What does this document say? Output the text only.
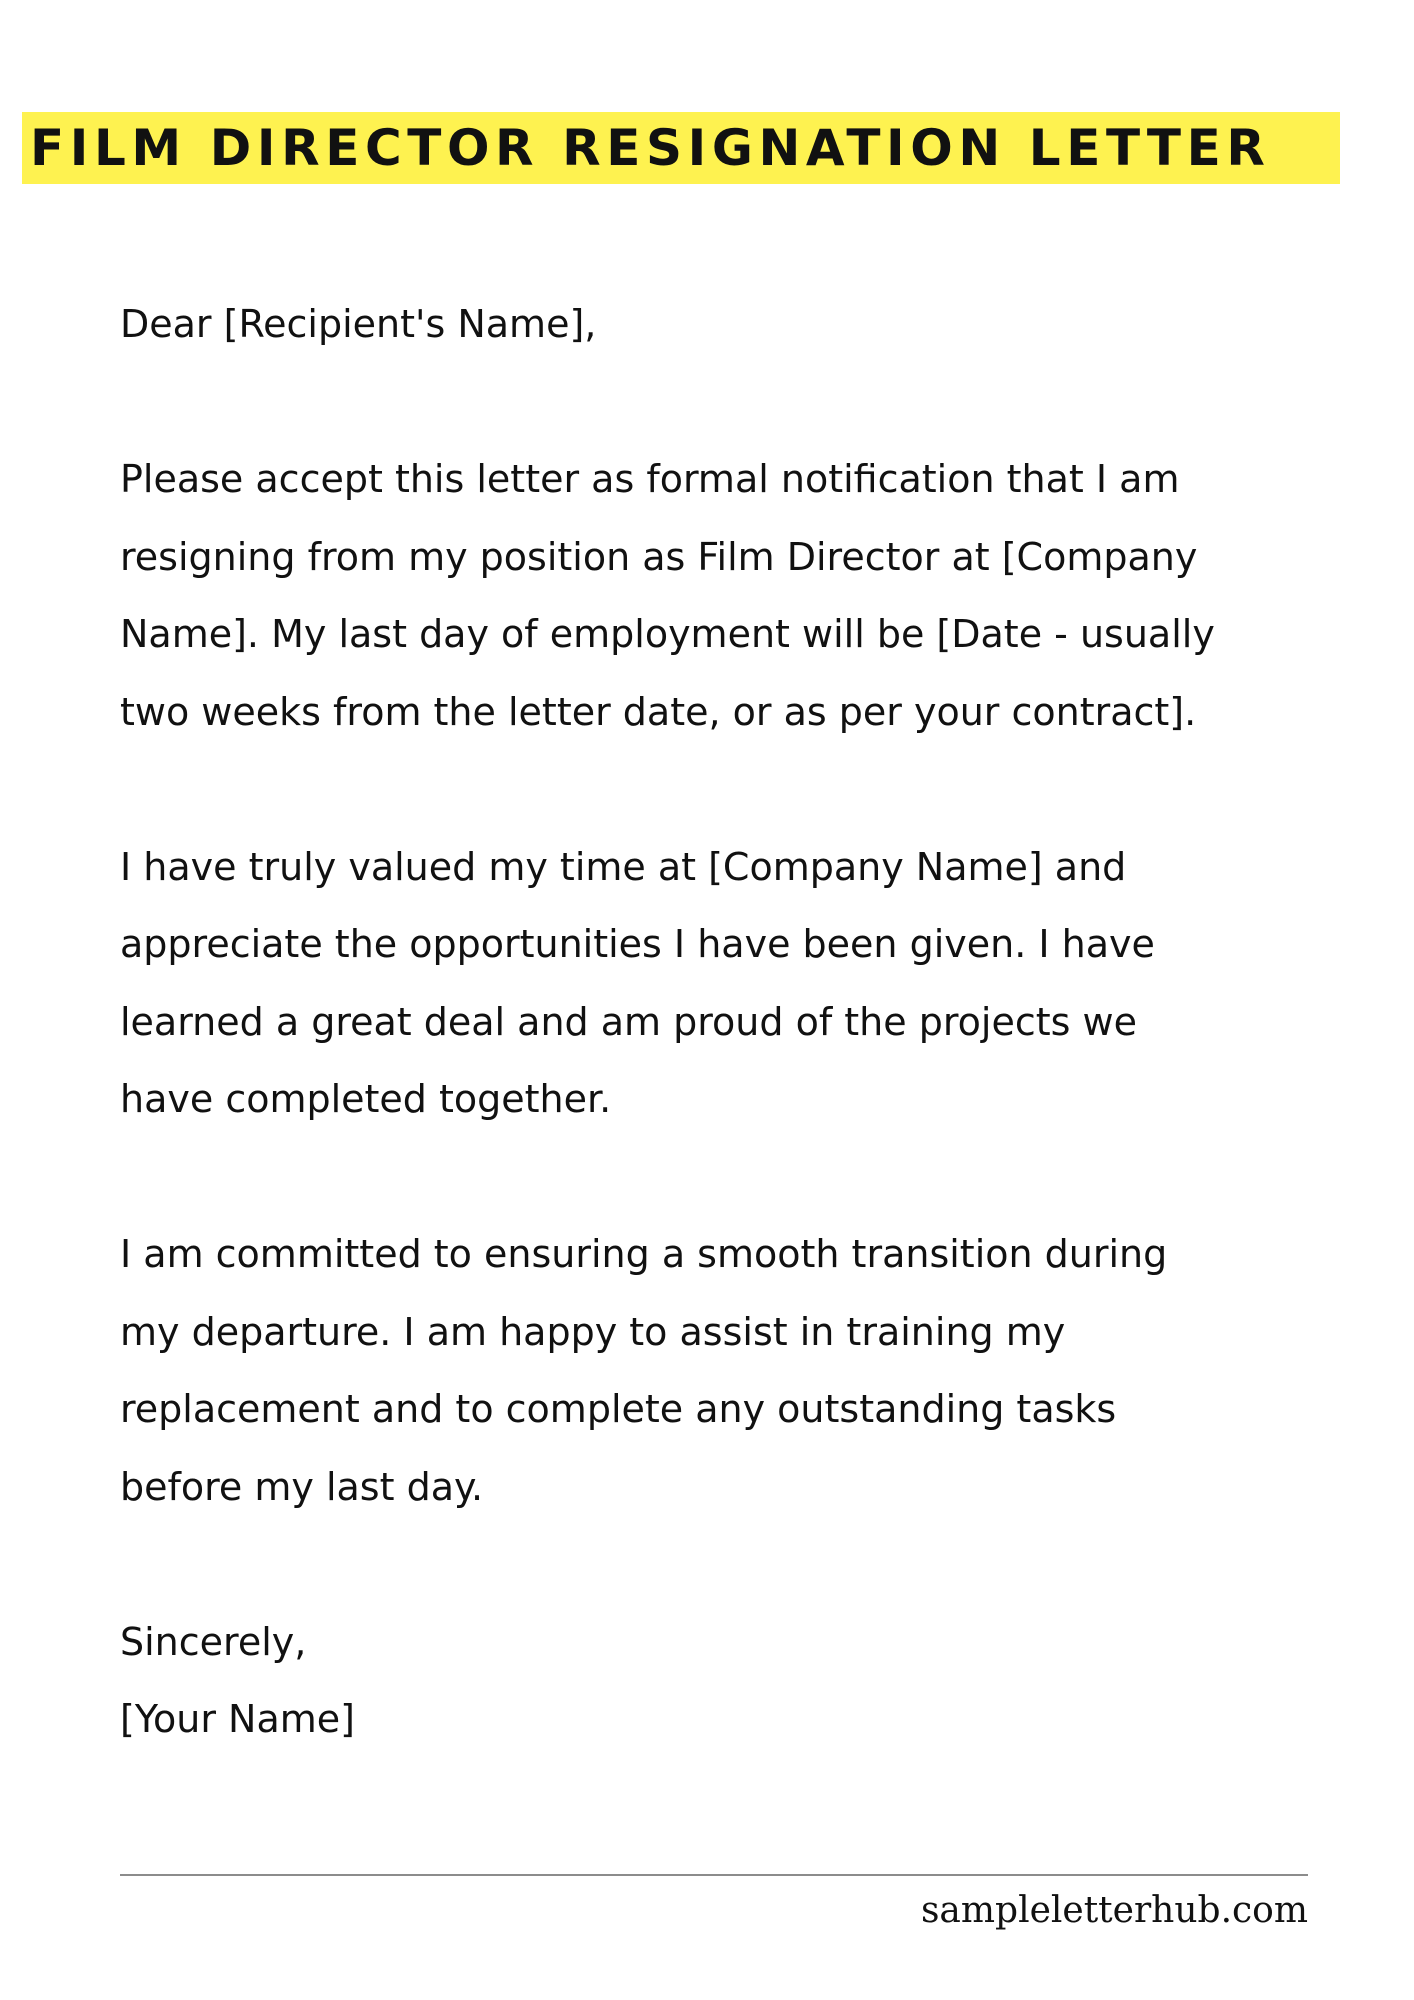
FILM DIRECTOR RESIGNATION LETTER

Dear [Recipient's Name],

Please accept this letter as formal notification that I am
resigning from my position as Film Director at [Company
Name]. My last day of employment will be [Date - usually
two weeks from the letter date, or as per your contract].

I have truly valued my time at [Company Name] and
appreciate the opportunities I have been given. I have
learned a great deal and am proud of the projects we
have completed together.

I am committed to ensuring a smooth transition during
my departure. I am happy to assist in training my
replacement and to complete any outstanding tasks
before my last day.

Sincerely,

[Your Name]

sampleletterhub.com
